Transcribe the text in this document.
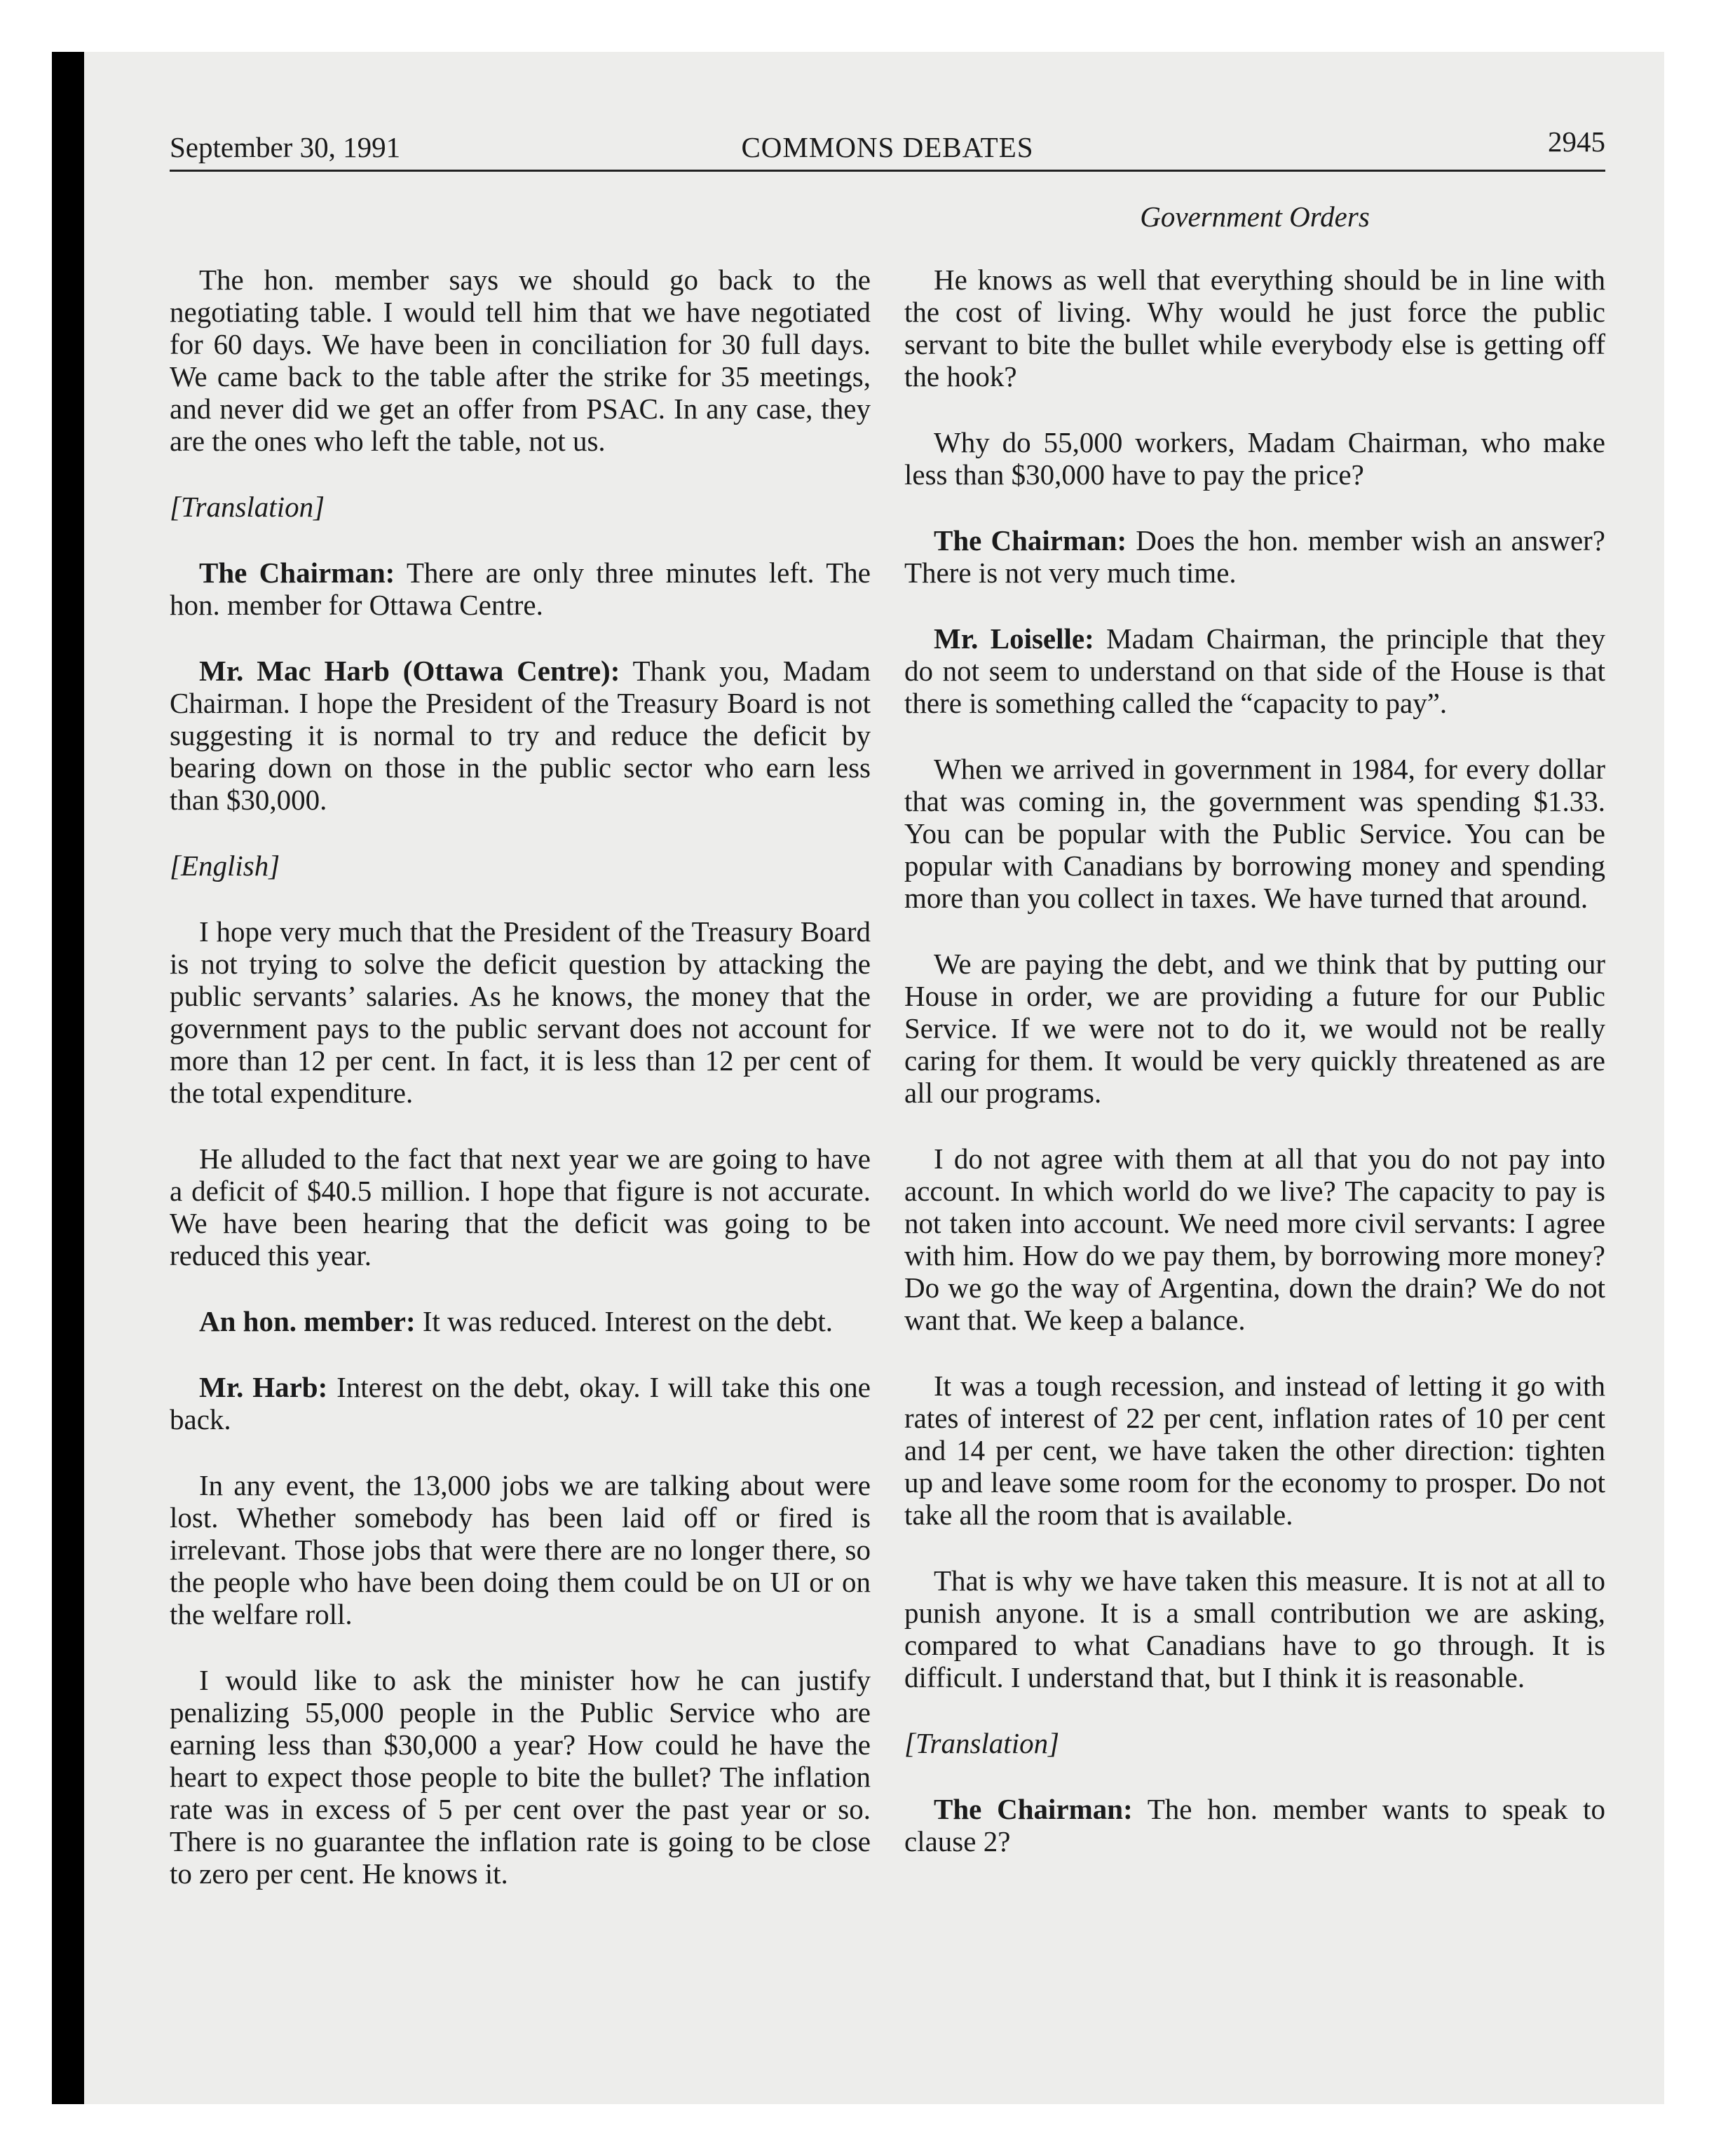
September 30, 1991	COMMONS DEBATES	2945

The hon. member says we should go back to the negotiating table. I would tell him that we have negotiated for 60 days. We have been in conciliation for 30 full days. We came back to the table after the strike for 35 meetings, and never did we get an offer from PSAC. In any case, they are the ones who left the table, not us.

[Translation]

The Chairman: There are only three minutes left. The hon. member for Ottawa Centre.

Mr. Mac Harb (Ottawa Centre): Thank you, Madam Chairman. I hope the President of the Treasury Board is not suggesting it is normal to try and reduce the deficit by bearing down on those in the public sector who earn less than $30,000.

[English]

I hope very much that the President of the Treasury Board is not trying to solve the deficit question by attacking the public servants’ salaries. As he knows, the money that the government pays to the public servant does not account for more than 12 per cent. In fact, it is less than 12 per cent of the total expenditure.

He alluded to the fact that next year we are going to have a deficit of $40.5 million. I hope that figure is not accurate. We have been hearing that the deficit was going to be reduced this year.

An hon. member: It was reduced. Interest on the debt.

Mr. Harb: Interest on the debt, okay. I will take this one back.

In any event, the 13,000 jobs we are talking about were lost. Whether somebody has been laid off or fired is irrelevant. Those jobs that were there are no longer there, so the people who have been doing them could be on UI or on the welfare roll.

I would like to ask the minister how he can justify penalizing 55,000 people in the Public Service who are earning less than $30,000 a year? How could he have the heart to expect those people to bite the bullet? The inflation rate was in excess of 5 per cent over the past year or so. There is no guarantee the inflation rate is going to be close to zero per cent. He knows it.

Government Orders

He knows as well that everything should be in line with the cost of living. Why would he just force the public servant to bite the bullet while everybody else is getting off the hook?

Why do 55,000 workers, Madam Chairman, who make less than $30,000 have to pay the price?

The Chairman: Does the hon. member wish an answer? There is not very much time.

Mr. Loiselle: Madam Chairman, the principle that they do not seem to understand on that side of the House is that there is something called the “capacity to pay”.

When we arrived in government in 1984, for every dollar that was coming in, the government was spending $1.33. You can be popular with the Public Service. You can be popular with Canadians by borrowing money and spending more than you collect in taxes. We have turned that around.

We are paying the debt, and we think that by putting our House in order, we are providing a future for our Public Service. If we were not to do it, we would not be really caring for them. It would be very quickly threatened as are all our programs.

I do not agree with them at all that you do not pay into account. In which world do we live? The capacity to pay is not taken into account. We need more civil servants: I agree with him. How do we pay them, by borrowing more money? Do we go the way of Argentina, down the drain? We do not want that. We keep a balance.

It was a tough recession, and instead of letting it go with rates of interest of 22 per cent, inflation rates of 10 per cent and 14 per cent, we have taken the other direction: tighten up and leave some room for the economy to prosper. Do not take all the room that is available.

That is why we have taken this measure. It is not at all to punish anyone. It is a small contribution we are asking, compared to what Canadians have to go through. It is difficult. I understand that, but I think it is reasonable.

[Translation]

The Chairman: The hon. member wants to speak to clause 2?
